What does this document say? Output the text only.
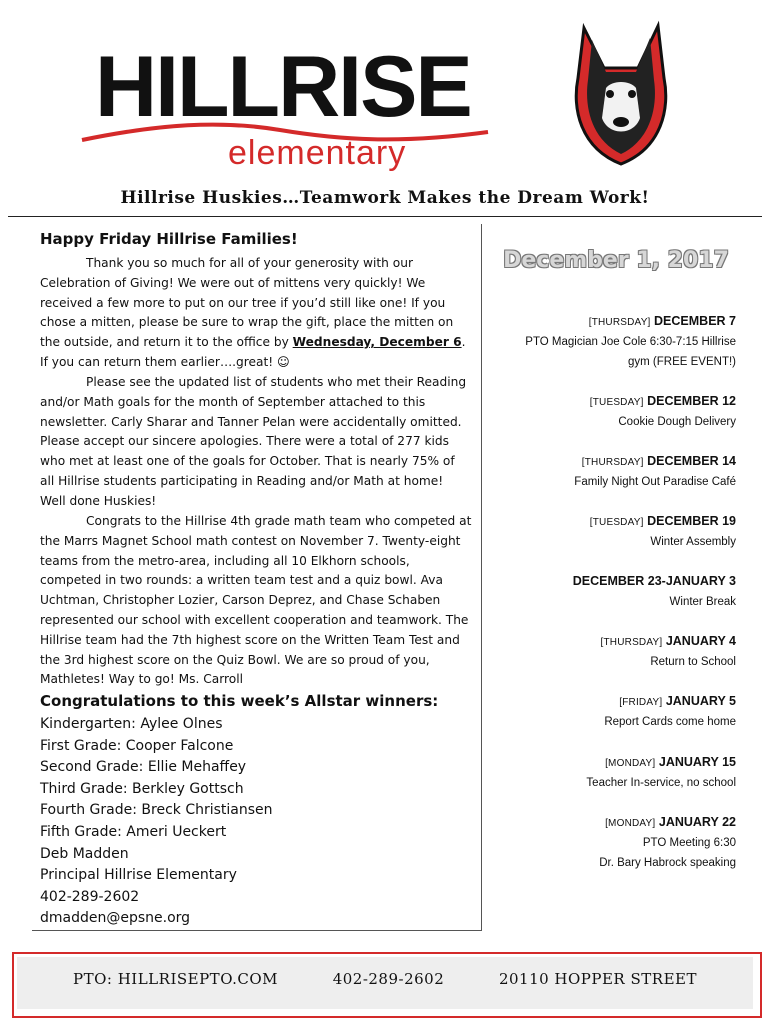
HILLRISE
elementary
Hillrise Huskies…Teamwork Makes the Dream Work!
Happy Friday Hillrise Families!

Thank you so much for all of your generosity with our Celebration of Giving! We were out of mittens very quickly! We received a few more to put on our tree if you’d still like one! If you chose a mitten, please be sure to wrap the gift, place the mitten on the outside, and return it to the office by Wednesday, December 6. If you can return them earlier….great! ☺

Please see the updated list of students who met their Reading and/or Math goals for the month of September attached to this newsletter. Carly Sharar and Tanner Pelan were accidentally omitted. Please accept our sincere apologies. There were a total of 277 kids who met at least one of the goals for October. That is nearly 75% of all Hillrise students participating in Reading and/or Math at home! Well done Huskies!

Congrats to the Hillrise 4th grade math team who competed at the Marrs Magnet School math contest on November 7. Twenty-eight teams from the metro-area, including all 10 Elkhorn schools, competed in two rounds: a written team test and a quiz bowl. Ava Uchtman, Christopher Lozier, Carson Deprez, and Chase Schaben represented our school with excellent cooperation and teamwork. The Hillrise team had the 7th highest score on the Written Team Test and the 3rd highest score on the Quiz Bowl. We are so proud of you, Mathletes! Way to go! Ms. Carroll

Congratulations to this week’s Allstar winners:
Kindergarten: Aylee Olnes
First Grade: Cooper Falcone
Second Grade: Ellie Mehaffey
Third Grade: Berkley Gottsch
Fourth Grade: Breck Christiansen
Fifth Grade: Ameri Ueckert
Deb Madden
Principal Hillrise Elementary
402-289-2602
dmadden@epsne.org
December 1, 2017
[THURSDAY] DECEMBER 7
PTO Magician Joe Cole 6:30-7:15 Hillrise
gym (FREE EVENT!)
[TUESDAY] DECEMBER 12
Cookie Dough Delivery
[THURSDAY] DECEMBER 14
Family Night Out Paradise Café
[TUESDAY] DECEMBER 19
Winter Assembly
DECEMBER 23-JANUARY 3
Winter Break
[THURSDAY] JANUARY 4
Return to School
[FRIDAY] JANUARY 5
Report Cards come home
[MONDAY] JANUARY 15
Teacher In-service, no school
[MONDAY] JANUARY 22
PTO Meeting 6:30
Dr. Bary Habrock speaking
PTO: HILLRISEPTO.COM	402-289-2602	20110 HOPPER STREET
